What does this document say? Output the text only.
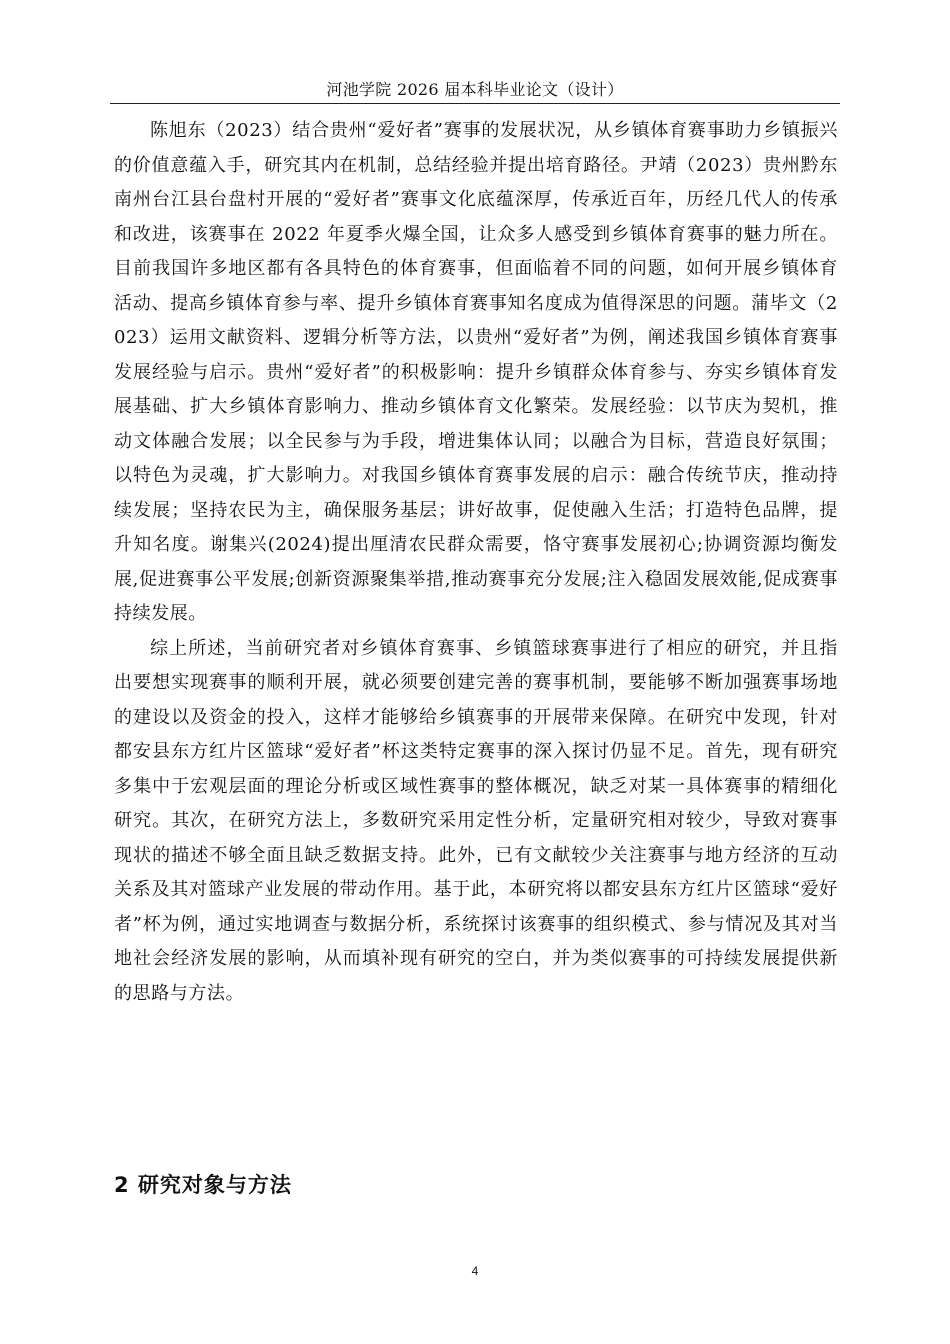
河池学院 2026 届本科毕业论文（设计）

陈旭东（2023）结合贵州“爱好者”赛事的发展状况，从乡镇体育赛事助力乡镇振兴的价值意蕴入手，研究其内在机制，总结经验并提出培育路径。尹靖（2023）贵州黔东南州台江县台盘村开展的“爱好者”赛事文化底蕴深厚，传承近百年，历经几代人的传承和改进，该赛事在 2022 年夏季火爆全国，让众多人感受到乡镇体育赛事的魅力所在。目前我国许多地区都有各具特色的体育赛事，但面临着不同的问题，如何开展乡镇体育活动、提高乡镇体育参与率、提升乡镇体育赛事知名度成为值得深思的问题。蒲毕文（2023）运用文献资料、逻辑分析等方法，以贵州“爱好者”为例，阐述我国乡镇体育赛事发展经验与启示。贵州“爱好者”的积极影响：提升乡镇群众体育参与、夯实乡镇体育发展基础、扩大乡镇体育影响力、推动乡镇体育文化繁荣。发展经验：以节庆为契机，推动文体融合发展；以全民参与为手段，增进集体认同；以融合为目标，营造良好氛围；以特色为灵魂，扩大影响力。对我国乡镇体育赛事发展的启示：融合传统节庆，推动持续发展；坚持农民为主，确保服务基层；讲好故事，促使融入生活；打造特色品牌，提升知名度。谢集兴(2024)提出厘清农民群众需要，恪守赛事发展初心;协调资源均衡发展,促进赛事公平发展;创新资源聚集举措,推动赛事充分发展;注入稳固发展效能,促成赛事持续发展。

综上所述，当前研究者对乡镇体育赛事、乡镇篮球赛事进行了相应的研究，并且指出要想实现赛事的顺利开展，就必须要创建完善的赛事机制，要能够不断加强赛事场地的建设以及资金的投入，这样才能够给乡镇赛事的开展带来保障。在研究中发现，针对都安县东方红片区篮球“爱好者”杯这类特定赛事的深入探讨仍显不足。首先，现有研究多集中于宏观层面的理论分析或区域性赛事的整体概况，缺乏对某一具体赛事的精细化研究。其次，在研究方法上，多数研究采用定性分析，定量研究相对较少，导致对赛事现状的描述不够全面且缺乏数据支持。此外，已有文献较少关注赛事与地方经济的互动关系及其对篮球产业发展的带动作用。基于此，本研究将以都安县东方红片区篮球“爱好者”杯为例，通过实地调查与数据分析，系统探讨该赛事的组织模式、参与情况及其对当地社会经济发展的影响，从而填补现有研究的空白，并为类似赛事的可持续发展提供新的思路与方法。

2 研究对象与方法
4
